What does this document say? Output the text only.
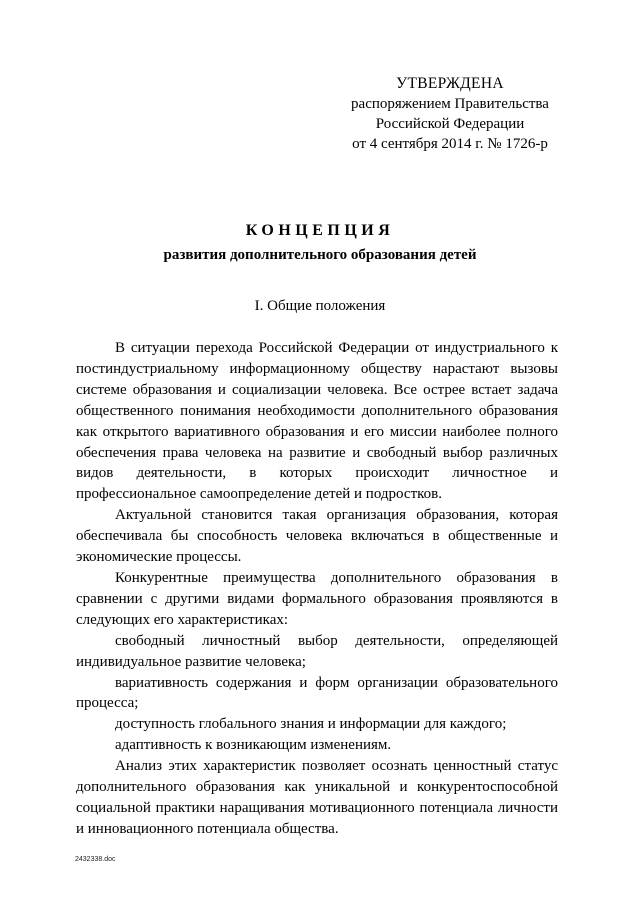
УТВЕРЖДЕНА
распоряжением Правительства
Российской Федерации
от 4 сентября 2014 г. № 1726-р
КОНЦЕПЦИЯ
развития дополнительного образования детей
I. Общие положения

В ситуации перехода Российской Федерации от индустриального к постиндустриальному информационному обществу нарастают вызовы системе образования и социализации человека. Все острее встает задача общественного понимания необходимости дополнительного образования как открытого вариативного образования и его миссии наиболее полного обеспечения права человека на развитие и свободный выбор различных видов деятельности, в которых происходит личностное и профессиональное самоопределение детей и подростков.

Актуальной становится такая организация образования, которая обеспечивала бы способность человека включаться в общественные и экономические процессы.

Конкурентные преимущества дополнительного образования в сравнении с другими видами формального образования проявляются в следующих его характеристиках:

свободный личностный выбор деятельности, определяющей индивидуальное развитие человека;

вариативность содержания и форм организации образовательного процесса;

доступность глобального знания и информации для каждого;

адаптивность к возникающим изменениям.

Анализ этих характеристик позволяет осознать ценностный статус дополнительного образования как уникальной и конкурентоспособной социальной практики наращивания мотивационного потенциала личности и инновационного потенциала общества.

2432338.doc
